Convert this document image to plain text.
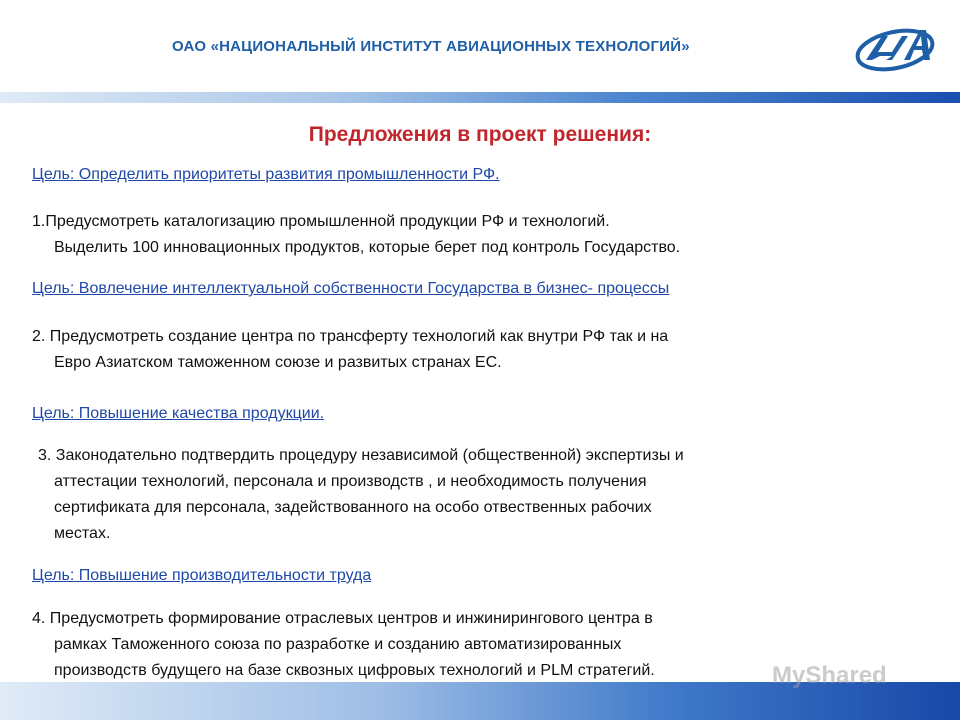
ОАО «НАЦИОНАЛЬНЫЙ ИНСТИТУТ АВИАЦИОННЫХ ТЕХНОЛОГИЙ»
Предложения в проект решения:
Цель: Определить приоритеты развития промышленности РФ.
1.Предусмотреть каталогизацию промышленной продукции РФ и технологий.
Выделить 100 инновационных продуктов, которые берет под контроль Государство.
Цель: Вовлечение интеллектуальной собственности Государства в бизнес- процессы
2. Предусмотреть создание центра по трансферту технологий как внутри РФ так и на
Евро Азиатском таможенном союзе и развитых странах ЕС.
Цель: Повышение качества продукции.
3. Законодательно подтвердить процедуру независимой (общественной) экспертизы и
аттестации технологий, персонала и производств , и необходимость получения
сертификата для персонала, задействованного на особо отвественных рабочих
местах.
Цель: Повышение производительности труда
4. Предусмотреть формирование отраслевых центров и инжинирингового центра в
рамках Таможенного союза по разработке и созданию автоматизированных
производств будущего на базе сквозных цифровых технологий и PLM стратегий.	MyShared
